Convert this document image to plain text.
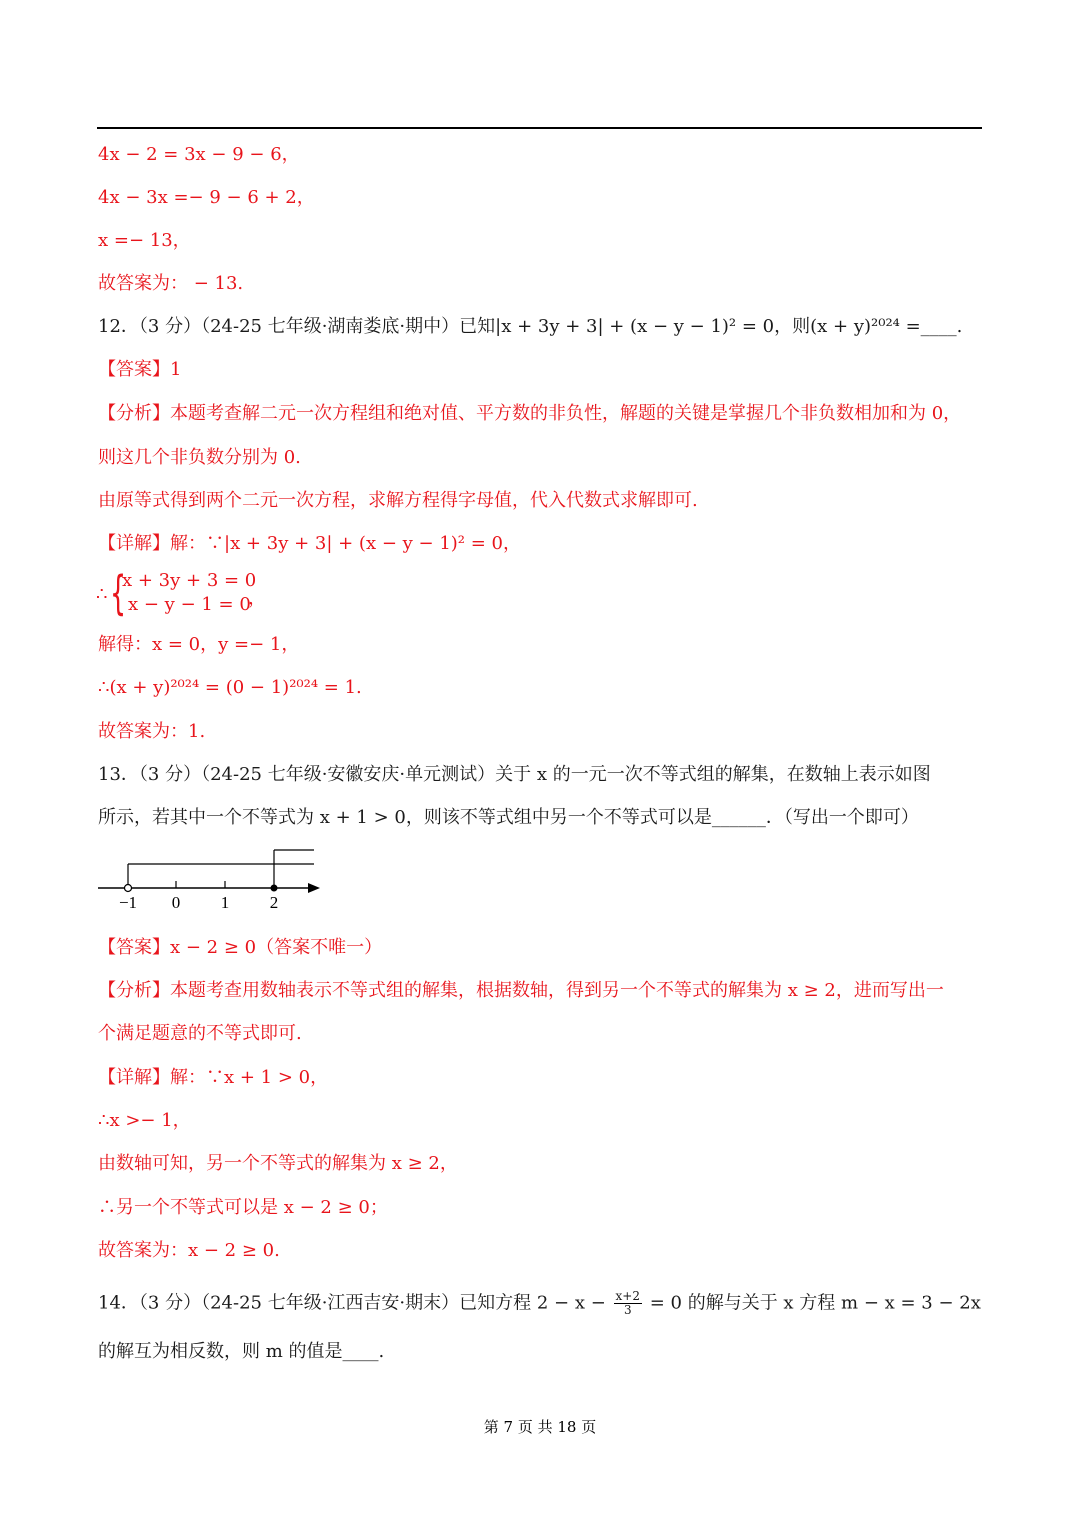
4x − 2 = 3x − 9 − 6，
4x − 3x =− 9 − 6 + 2，
x =− 13，
故答案为： − 13.
12．（3 分）（24-25 七年级·湖南娄底·期中）已知|x + 3y + 3| + (x − y − 1)² = 0，则(x + y)²⁰²⁴ =____.
【答案】1
【分析】本题考查解二元一次方程组和绝对值、平方数的非负性，解题的关键是掌握几个非负数相加和为 0，
则这几个非负数分别为 0.
由原等式得到两个二元一次方程，求解方程得字母值，代入代数式求解即可.
【详解】解：∵|x + 3y + 3| + (x − y − 1)² = 0，
∴ {
x + 3y + 3 = 0
x − y − 1 = 0
，
解得：x = 0，y =− 1，
∴(x + y)²⁰²⁴ = (0 − 1)²⁰²⁴ = 1.
故答案为：1.
13．（3 分）（24-25 七年级·安徽安庆·单元测试）关于 x 的一元一次不等式组的解集，在数轴上表示如图
所示，若其中一个不等式为 x + 1 > 0，则该不等式组中另一个不等式可以是______．（写出一个即可）
−1 0 1 2
【答案】x − 2 ≥ 0（答案不唯一）
【分析】本题考查用数轴表示不等式组的解集，根据数轴，得到另一个不等式的解集为 x ≥ 2，进而写出一
个满足题意的不等式即可.
【详解】解：∵x + 1 > 0，
∴x >− 1，
由数轴可知，另一个不等式的解集为 x ≥ 2，
∴另一个不等式可以是 x − 2 ≥ 0；
故答案为：x − 2 ≥ 0.
14．（3 分）（24-25 七年级·江西吉安·期末）已知方程 $2 - x - \frac{x+2}{3} = 0$ 的解与关于 x 方程 m − x = 3 − 2x
的解互为相反数，则 m 的值是____.
第 7 页 共 18 页
